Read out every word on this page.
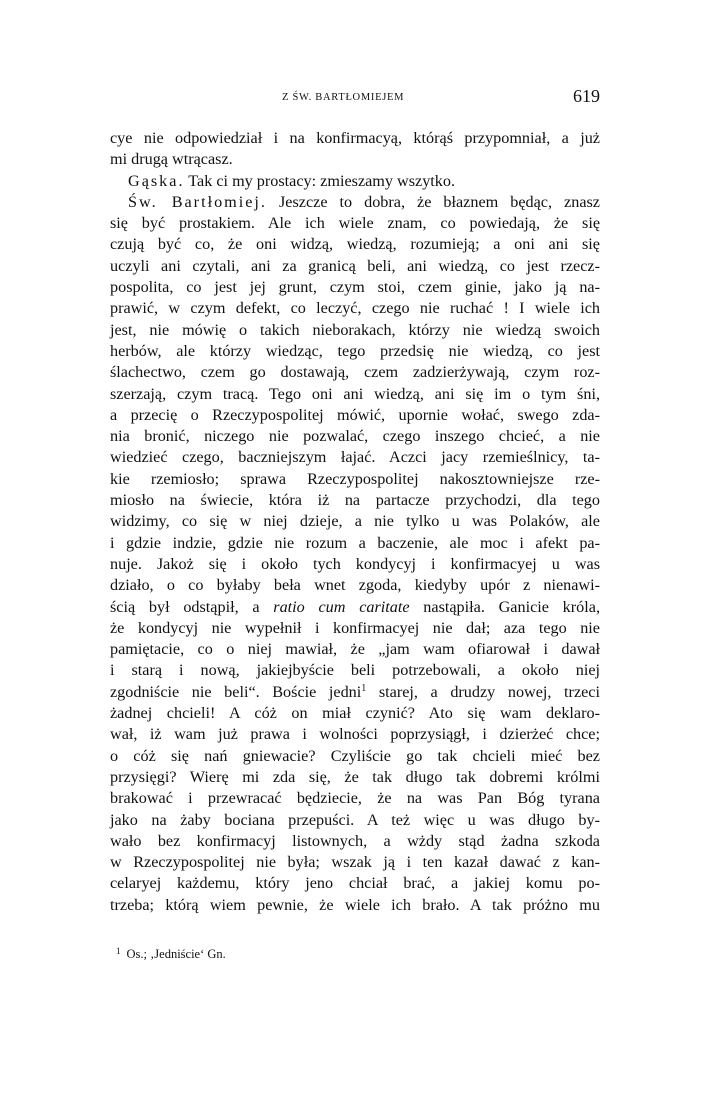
Z ŚW. BARTŁOMIEJEM	619
cye nie odpowiedział i na konfirmacyą, którąś przypomniał, a już
mi drugą wtrącasz.
Gąska. Tak ci my prostacy: zmieszamy wszytko.
Św. Bartłomiej. Jeszcze to dobra, że błaznem będąc, znasz
się być prostakiem. Ale ich wiele znam, co powiedają, że się
czują być co, że oni widzą, wiedzą, rozumieją; a oni ani się
uczyli ani czytali, ani za granicą beli, ani wiedzą, co jest rzecz-
pospolita, co jest jej grunt, czym stoi, czem ginie, jako ją na-
prawić, w czym defekt, co leczyć, czego nie ruchać ! I wiele ich
jest, nie mówię o takich nieborakach, którzy nie wiedzą swoich
herbów, ale którzy wiedząc, tego przedsię nie wiedzą, co jest
ślachectwo, czem go dostawają, czem zadzierżywają, czym roz-
szerzają, czym tracą. Tego oni ani wiedzą, ani się im o tym śni,
a przecię o Rzeczypospolitej mówić, upornie wołać, swego zda-
nia bronić, niczego nie pozwalać, czego inszego chcieć, a nie
wiedzieć czego, baczniejszym łajać. Aczci jacy rzemieślnicy, ta-
kie rzemiosło; sprawa Rzeczypospolitej nakosztowniejsze rze-
miosło na świecie, która iż na partacze przychodzi, dla tego
widzimy, co się w niej dzieje, a nie tylko u was Polaków, ale
i gdzie indzie, gdzie nie rozum a baczenie, ale moc i afekt pa-
nuje. Jakoż się i około tych kondycyj i konfirmacyej u was
działo, o co byłaby beła wnet zgoda, kiedyby upór z nienawi-
ścią był odstąpił, a ratio cum caritate nastąpiła. Ganicie króla,
że kondycyj nie wypełnił i konfirmacyej nie dał; aza tego nie
pamiętacie, co o niej mawiał, że „jam wam ofiarował i dawał
i starą i nową, jakiejbyście beli potrzebowali, a około niej
zgodniście nie beli“. Boście jedni$^1$ starej, a drudzy nowej, trzeci
żadnej chcieli! A cóż on miał czynić? Ato się wam deklaro-
wał, iż wam już prawa i wolności poprzysiągł, i dzierżeć chce;
o cóż się nań gniewacie? Czyliście go tak chcieli mieć bez
przysięgi? Wierę mi zda się, że tak długo tak dobremi królmi
brakować i przewracać będziecie, że na was Pan Bóg tyrana
jako na żaby bociana przepuści. A też więc u was długo by-
wało bez konfirmacyj listownych, a wżdy stąd żadna szkoda
w Rzeczypospolitej nie była; wszak ją i ten kazał dawać z kan-
celaryej każdemu, który jeno chciał brać, a jakiej komu po-
trzeba; którą wiem pewnie, że wiele ich brało. A tak próżno mu
$^1$ Os.; ‚Jedniście‘ Gn.
